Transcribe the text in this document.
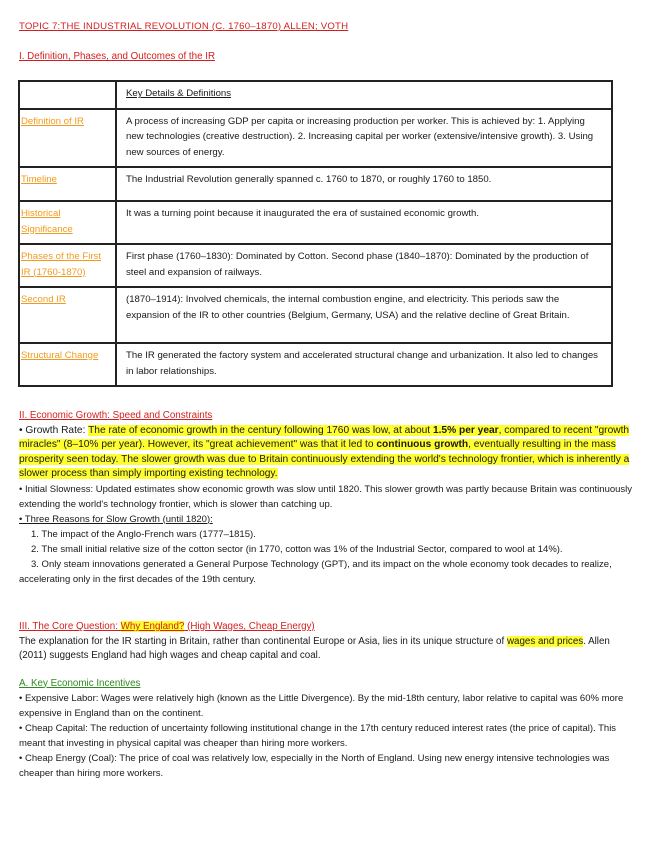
TOPIC 7:THE INDUSTRIAL REVOLUTION (C. 1760–1870) ALLEN; VOTH
I. Definition, Phases, and Outcomes of the IR
	Key Details & Definitions
Definition of IR	A process of increasing GDP per capita or increasing production per worker. This is achieved by: 1. Applying new technologies (creative destruction). 2. Increasing capital per worker (extensive/intensive growth). 3. Using new sources of energy.
Timeline	The Industrial Revolution generally spanned c. 1760 to 1870, or roughly 1760 to 1850.
Historical Significance	It was a turning point because it inaugurated the era of sustained economic growth.
Phases of the First IR (1760-1870)	First phase (1760–1830): Dominated by Cotton. Second phase (1840–1870): Dominated by the production of steel and expansion of railways.
Second IR	(1870–1914): Involved chemicals, the internal combustion engine, and electricity. This periods saw the expansion of the IR to other countries (Belgium, Germany, USA) and the relative decline of Great Britain.
Structural Change	The IR generated the factory system and accelerated structural change and urbanization. It also led to changes in labor relationships.
II. Economic Growth: Speed and Constraints
• Growth Rate: The rate of economic growth in the century following 1760 was low, at about 1.5% per year, compared to recent "growth miracles" (8–10% per year). However, its "great achievement" was that it led to continuous growth, eventually resulting in the mass prosperity seen today. The slower growth was due to Britain continuously extending the world's technology frontier, which is inherently a slower process than simply importing existing technology.
• Initial Slowness: Updated estimates show economic growth was slow until 1820. This slower growth was partly because Britain was continuously extending the world's technology frontier, which is slower than catching up.
• Three Reasons for Slow Growth (until 1820):
1. The impact of the Anglo-French wars (1777–1815).
2. The small initial relative size of the cotton sector (in 1770, cotton was 1% of the Industrial Sector, compared to wool at 14%).
3. Only steam innovations generated a General Purpose Technology (GPT), and its impact on the whole economy took decades to realize, accelerating only in the first decades of the 19th century.
III. The Core Question: Why England? (High Wages, Cheap Energy)
The explanation for the IR starting in Britain, rather than continental Europe or Asia, lies in its unique structure of wages and prices. Allen (2011) suggests England had high wages and cheap capital and coal.
A. Key Economic Incentives
• Expensive Labor: Wages were relatively high (known as the Little Divergence). By the mid-18th century, labor relative to capital was 60% more expensive in England than on the continent.
• Cheap Capital: The reduction of uncertainty following institutional change in the 17th century reduced interest rates (the price of capital). This meant that investing in physical capital was cheaper than hiring more workers.
• Cheap Energy (Coal): The price of coal was relatively low, especially in the North of England. Using new energy intensive technologies was cheaper than hiring more workers.
